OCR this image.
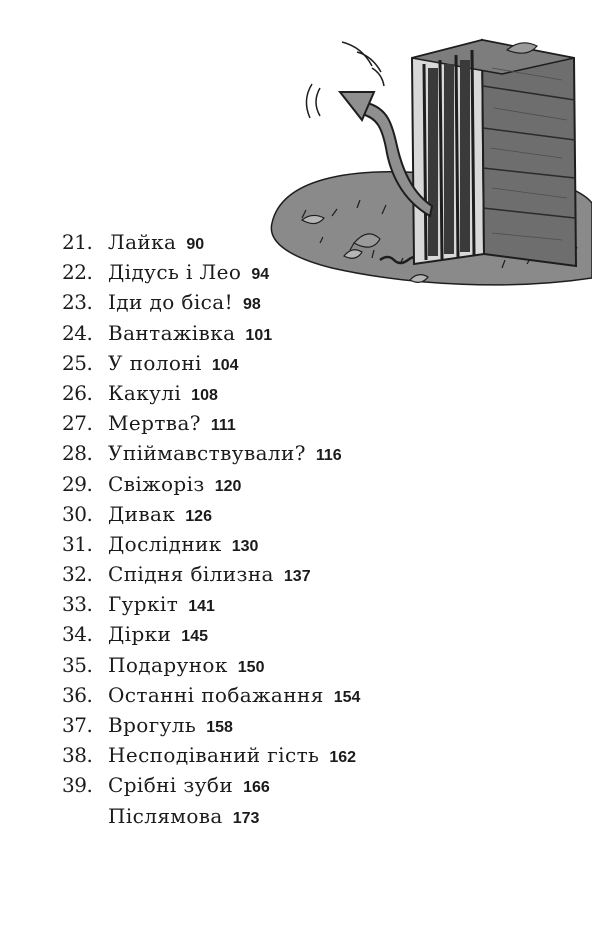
21. Лайка 90
22. Дідусь і Лео 94
23. Іди до біса! 98
24. Вантажівка 101
25. У полоні 104
26. Какулі 108
27. Мертва? 111
28. Упіймавствували? 116
29. Свіжоріз 120
30. Дивак 126
31. Дослідник 130
32. Спідня білизна 137
33. Гуркіт 141
34. Дірки 145
35. Подарунок 150
36. Останні побажання 154
37. Врогуль 158
38. Несподіваний гість 162
39. Срібні зуби 166
Післямова 173
